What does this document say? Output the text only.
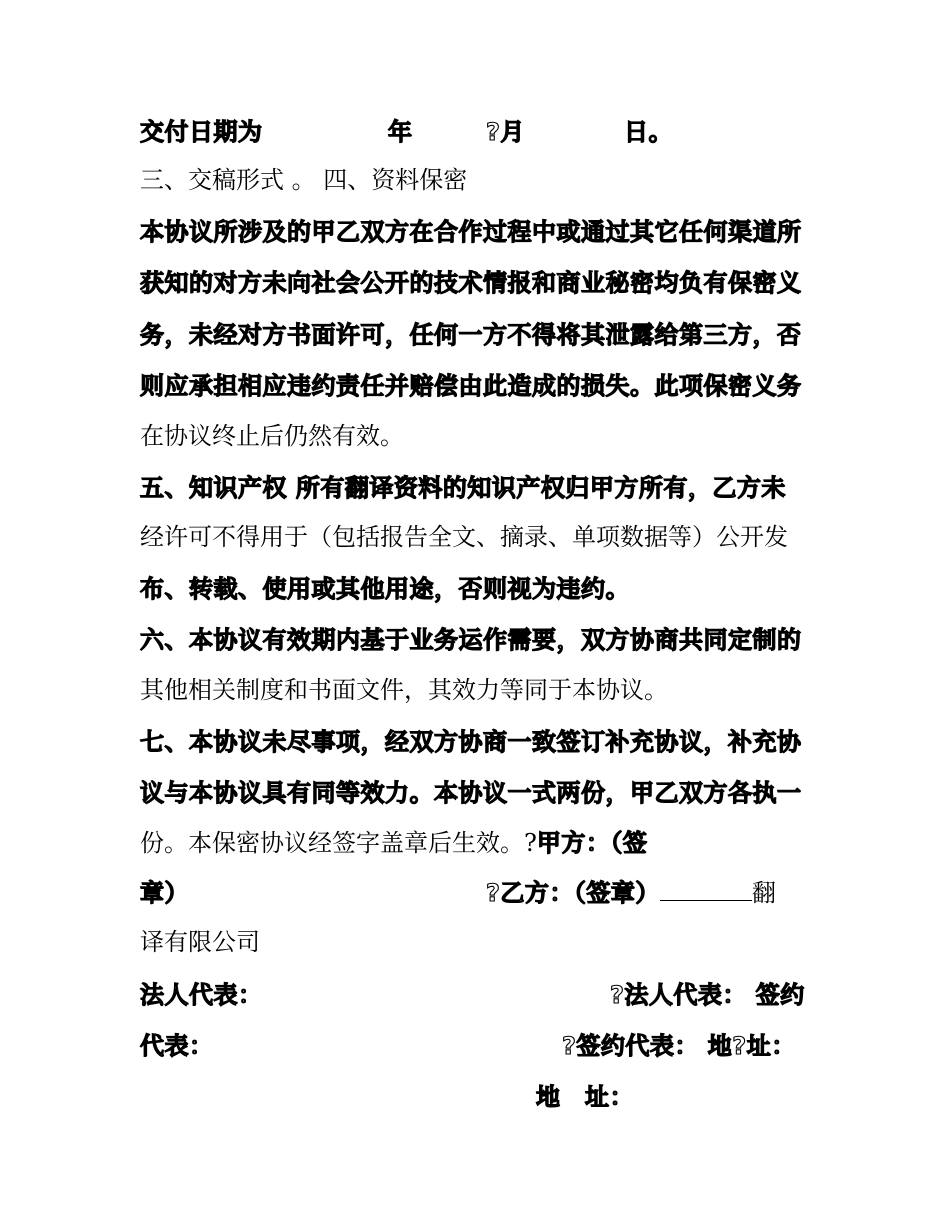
交付日期为	年	?月	日。
三、交稿形式 。 四、资料保密
本协议所涉及的甲乙双方在合作过程中或通过其它任何渠道所
获知的对方未向社会公开的技术情报和商业秘密均负有保密义
务，未经对方书面许可，任何一方不得将其泄露给第三方，否
则应承担相应违约责任并赔偿由此造成的损失。此项保密义务
在协议终止后仍然有效。
五、知识产权 所有翻译资料的知识产权归甲方所有，乙方未
经许可不得用于（包括报告全文、摘录、单项数据等）公开发
布、转载、使用或其他用途，否则视为违约。
六、本协议有效期内基于业务运作需要，双方协商共同定制的
其他相关制度和书面文件，其效力等同于本协议。
七、本协议未尽事项，经双方协商一致签订补充协议，补充协
议与本协议具有同等效力。本协议一式两份，甲乙双方各执一
份。本保密协议经签字盖章后生效。?甲方：（签
章）	?乙方：（签章）	翻
译有限公司
法人代表：	?法人代表： 签约
代表：	?签约代表： 地?址：
地　址：
